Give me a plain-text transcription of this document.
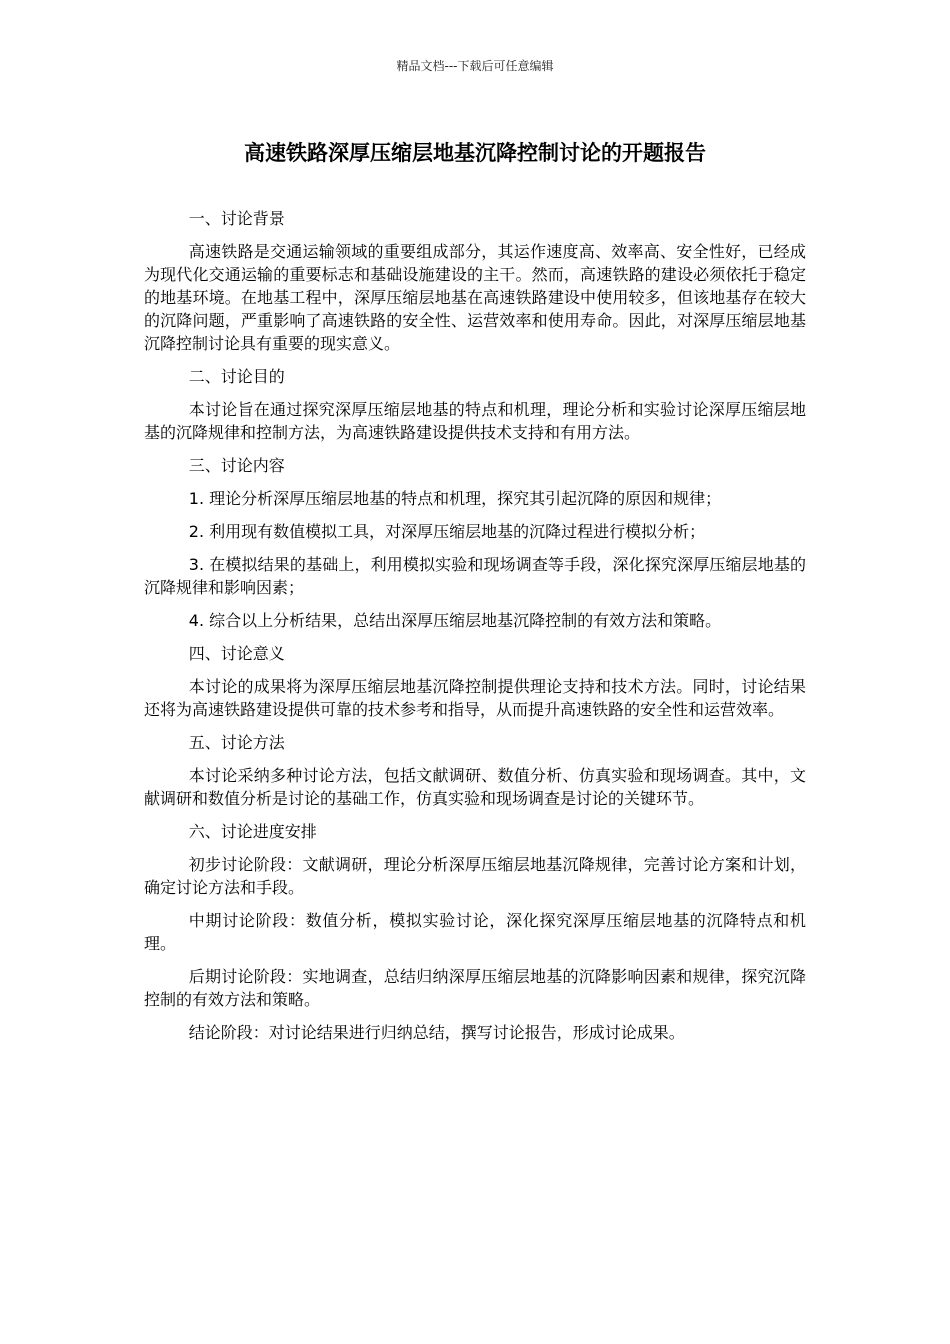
精品文档---下载后可任意编辑
高速铁路深厚压缩层地基沉降控制讨论的开题报告

一、讨论背景

高速铁路是交通运输领域的重要组成部分，其运作速度高、效率高、安全性好，已经成为现代化交通运输的重要标志和基础设施建设的主干。然而，高速铁路的建设必须依托于稳定的地基环境。在地基工程中，深厚压缩层地基在高速铁路建设中使用较多，但该地基存在较大的沉降问题，严重影响了高速铁路的安全性、运营效率和使用寿命。因此，对深厚压缩层地基沉降控制讨论具有重要的现实意义。

二、讨论目的

本讨论旨在通过探究深厚压缩层地基的特点和机理，理论分析和实验讨论深厚压缩层地基的沉降规律和控制方法，为高速铁路建设提供技术支持和有用方法。

三、讨论内容

1. 理论分析深厚压缩层地基的特点和机理，探究其引起沉降的原因和规律；

2. 利用现有数值模拟工具，对深厚压缩层地基的沉降过程进行模拟分析；

3. 在模拟结果的基础上，利用模拟实验和现场调查等手段，深化探究深厚压缩层地基的沉降规律和影响因素；

4. 综合以上分析结果，总结出深厚压缩层地基沉降控制的有效方法和策略。

四、讨论意义

本讨论的成果将为深厚压缩层地基沉降控制提供理论支持和技术方法。同时，讨论结果还将为高速铁路建设提供可靠的技术参考和指导，从而提升高速铁路的安全性和运营效率。

五、讨论方法

本讨论采纳多种讨论方法，包括文献调研、数值分析、仿真实验和现场调查。其中，文献调研和数值分析是讨论的基础工作，仿真实验和现场调查是讨论的关键环节。

六、讨论进度安排

初步讨论阶段：文献调研，理论分析深厚压缩层地基沉降规律，完善讨论方案和计划，确定讨论方法和手段。

中期讨论阶段：数值分析，模拟实验讨论，深化探究深厚压缩层地基的沉降特点和机理。

后期讨论阶段：实地调查，总结归纳深厚压缩层地基的沉降影响因素和规律，探究沉降控制的有效方法和策略。

结论阶段：对讨论结果进行归纳总结，撰写讨论报告，形成讨论成果。
